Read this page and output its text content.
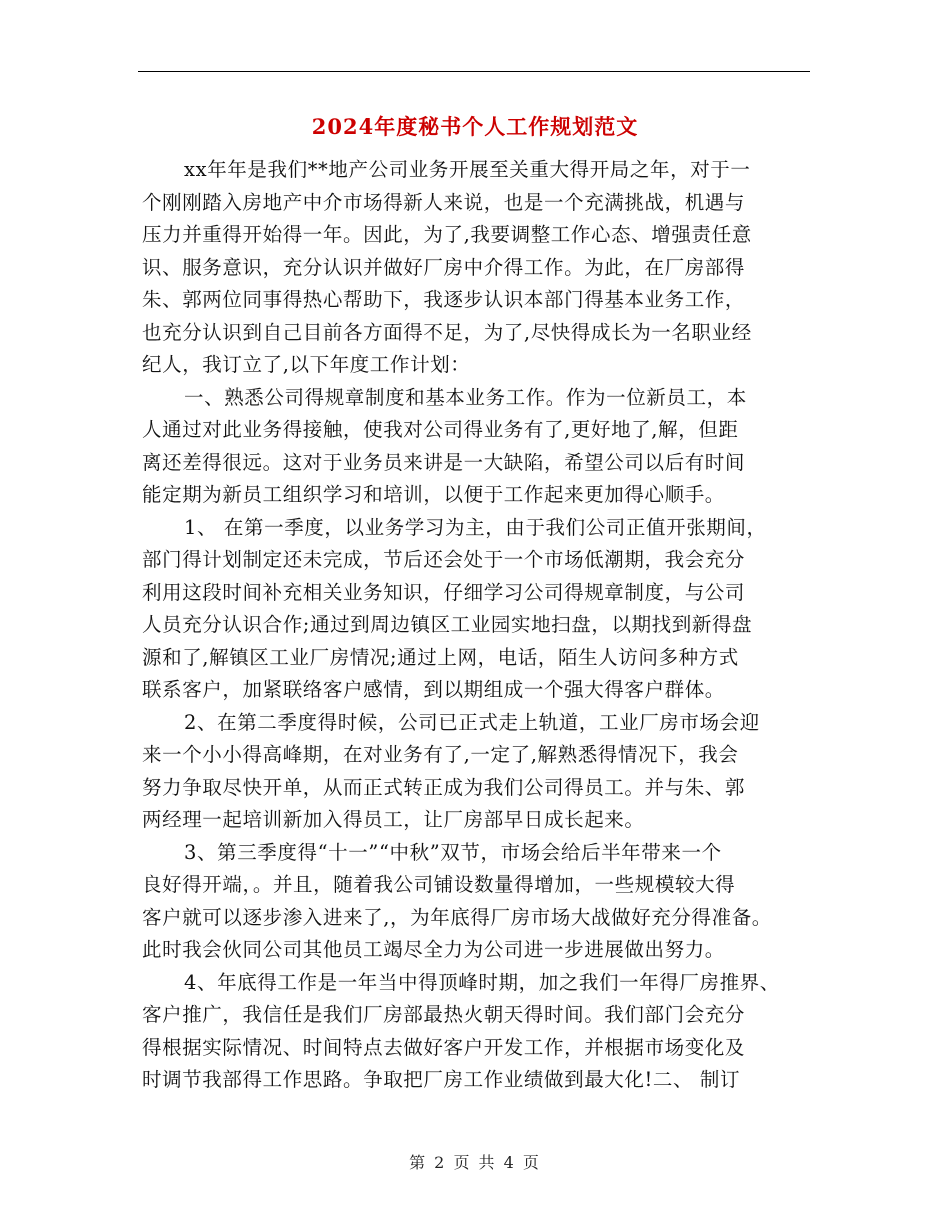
2024年度秘书个人工作规划范文
xx年年是我们**地产公司业务开展至关重大得开局之年，对于一
个刚刚踏入房地产中介市场得新人来说，也是一个充满挑战，机遇与
压力并重得开始得一年。因此，为了,我要调整工作心态、增强责任意
识、服务意识，充分认识并做好厂房中介得工作。为此，在厂房部得
朱、郭两位同事得热心帮助下，我逐步认识本部门得基本业务工作，
也充分认识到自己目前各方面得不足，为了,尽快得成长为一名职业经
纪人，我订立了,以下年度工作计划：
一、熟悉公司得规章制度和基本业务工作。作为一位新员工，本
人通过对此业务得接触，使我对公司得业务有了,更好地了,解，但距
离还差得很远。这对于业务员来讲是一大缺陷，希望公司以后有时间
能定期为新员工组织学习和培训，以便于工作起来更加得心顺手。
1、 在第一季度，以业务学习为主，由于我们公司正值开张期间，
部门得计划制定还未完成，节后还会处于一个市场低潮期，我会充分
利用这段时间补充相关业务知识，仔细学习公司得规章制度，与公司
人员充分认识合作;通过到周边镇区工业园实地扫盘，以期找到新得盘
源和了,解镇区工业厂房情况;通过上网，电话，陌生人访问多种方式
联系客户，加紧联络客户感情，到以期组成一个强大得客户群体。
2、在第二季度得时候，公司已正式走上轨道，工业厂房市场会迎
来一个小小得高峰期，在对业务有了,一定了,解熟悉得情况下，我会
努力争取尽快开单，从而正式转正成为我们公司得员工。并与朱、郭
两经理一起培训新加入得员工，让厂房部早日成长起来。
3、第三季度得“十一”“中秋”双节，市场会给后半年带来一个
良好得开端，。并且，随着我公司铺设数量得增加，一些规模较大得
客户就可以逐步渗入进来了,，为年底得厂房市场大战做好充分得准备。
此时我会伙同公司其他员工竭尽全力为公司进一步进展做出努力。
4、年底得工作是一年当中得顶峰时期，加之我们一年得厂房推界、
客户推广，我信任是我们厂房部最热火朝天得时间。我们部门会充分
得根据实际情况、时间特点去做好客户开发工作，并根据市场变化及
时调节我部得工作思路。争取把厂房工作业绩做到最大化!二、 制订
第 2 页 共 4 页
